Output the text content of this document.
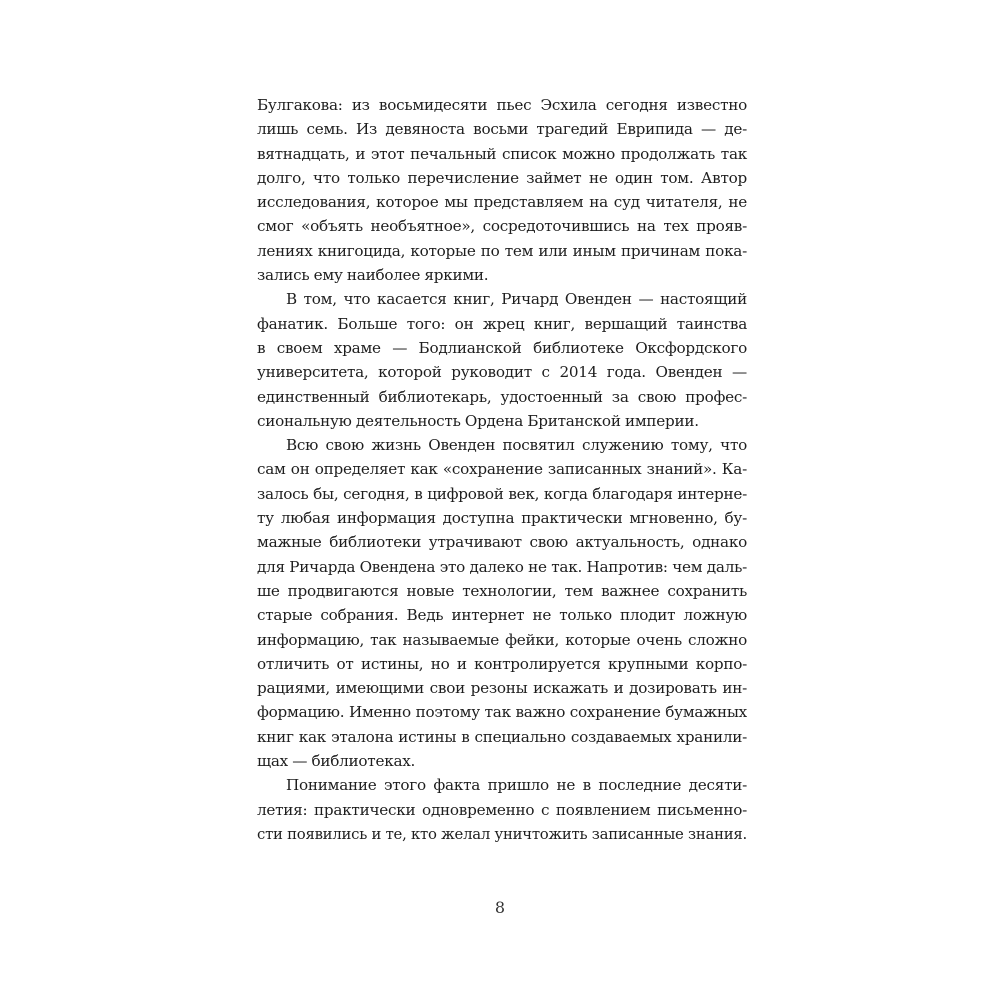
Булгакова: из восьмидесяти пьес Эсхила сегодня известно
лишь семь. Из девяноста восьми трагедий Еврипида — де-
вятнадцать, и этот печальный список можно продолжать так
долго, что только перечисление займет не один том. Автор
исследования, которое мы представляем на суд читателя, не
смог «объять необъятное», сосредоточившись на тех прояв-
лениях книгоцида, которые по тем или иным причинам пока-
зались ему наиболее яркими.
В том, что касается книг, Ричард Овенден — настоящий
фанатик. Больше того: он жрец книг, вершащий таинства
в своем храме — Бодлианской библиотеке Оксфордского
университета, которой руководит с 2014 года. Овенден —
единственный библиотекарь, удостоенный за свою профес-
сиональную деятельность Ордена Британской империи.
Всю свою жизнь Овенден посвятил служению тому, что
сам он определяет как «сохранение записанных знаний». Ка-
залось бы, сегодня, в цифровой век, когда благодаря интерне-
ту любая информация доступна практически мгновенно, бу-
мажные библиотеки утрачивают свою актуальность, однако
для Ричарда Овендена это далеко не так. Напротив: чем даль-
ше продвигаются новые технологии, тем важнее сохранить
старые собрания. Ведь интернет не только плодит ложную
информацию, так называемые фейки, которые очень сложно
отличить от истины, но и контролируется крупными корпо-
рациями, имеющими свои резоны искажать и дозировать ин-
формацию. Именно поэтому так важно сохранение бумажных
книг как эталона истины в специально создаваемых хранили-
щах — библиотеках.
Понимание этого факта пришло не в последние десяти-
летия: практически одновременно с появлением письменно-
сти появились и те, кто желал уничтожить записанные знания.
8
